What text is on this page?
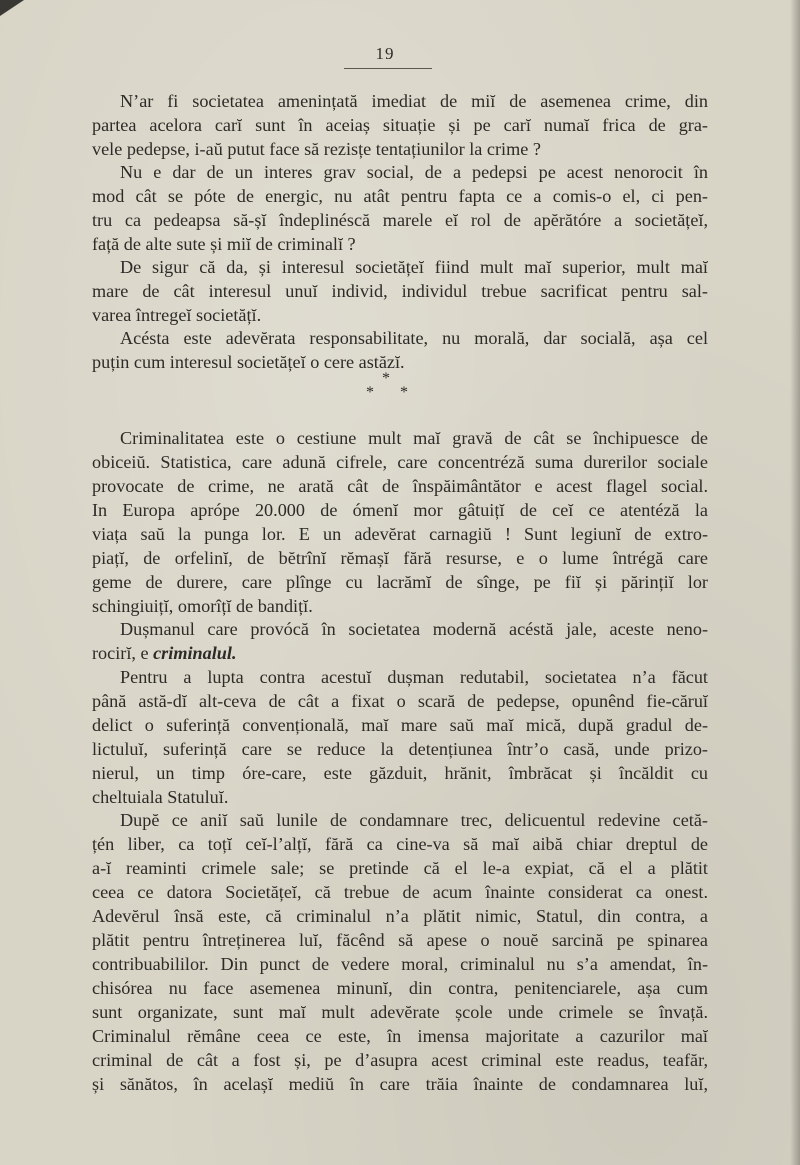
19
N’ar fi societatea amenințată imediat de miĭ de asemenea crime, din
partea acelora carĭ sunt în aceiaș situație și pe carĭ numaĭ frica de gra-
vele pedepse, i-aŭ putut face să rezisțe tentațiunilor la crime ?
Nu e dar de un interes grav social, de a pedepsi pe acest nenorocit în
mod cât se póte de energic, nu atât pentru fapta ce a comis-o el, ci pen-
tru ca pedeapsa să-șĭ îndeplinéscă marele eĭ rol de apĕrătóre a societățeĭ,
față de alte sute și miĭ de criminalĭ ?
De sigur că da, și interesul societățeĭ fiind mult maĭ superior, mult maĭ
mare de cât interesul unuĭ individ, individul trebue sacrificat pentru sal-
varea întregeĭ societățĭ.
Acésta este adevĕrata responsabilitate, nu morală, dar socială, așa cel
puțin cum interesul societățeĭ o cere astăzĭ.
*
* *
Criminalitatea este o cestiune mult maĭ gravă de cât se închipuesce de
obiceiŭ. Statistica, care adună cifrele, care concentréză suma durerilor sociale
provocate de crime, ne arată cât de înspăimântător e acest flagel social.
In Europa aprópe 20.000 de ómenĭ mor gâtuițĭ de ceĭ ce atentéză la
viața saŭ la punga lor. E un adevĕrat carnagiŭ ! Sunt legiunĭ de extro-
piațĭ, de orfelinĭ, de bĕtrînĭ rĕmașĭ fără resurse, e o lume întrégă care
geme de durere, care plînge cu lacrămĭ de sînge, pe fiĭ și părințiĭ lor
schingiuițĭ, omorîțĭ de bandițĭ.
Dușmanul care provócă în societatea modernă acéstă jale, aceste neno-
rocirĭ, e criminalul.
Pentru a lupta contra acestuĭ dușman redutabil, societatea n’a făcut
până astă-dĭ alt-ceva de cât a fixat o scară de pedepse, opunênd fie-căruĭ
delict o suferință convențională, maĭ mare saŭ maĭ mică, după gradul de-
lictuluĭ, suferință care se reduce la detențiunea într’o casă, unde prizo-
nierul, un timp óre-care, este găzduit, hrănit, îmbrăcat și încăldit cu
cheltuiala Statuluĭ.
Dupĕ ce aniĭ saŭ lunile de condamnare trec, delicuentul redevine cetă-
țén liber, ca toțĭ ceĭ-l’alțĭ, fără ca cine-va să maĭ aibă chiar dreptul de
a-ĭ reaminti crimele sale; se pretinde că el le-a expiat, că el a plătit
ceea ce datora Societățeĭ, că trebue de acum înainte considerat ca onest.
Adevĕrul însă este, că criminalul n’a plătit nimic, Statul, din contra, a
plătit pentru întreținerea luĭ, făcênd să apese o nouĕ sarcină pe spinarea
contribuabililor. Din punct de vedere moral, criminalul nu s’a amendat, în-
chisórea nu face asemenea minunĭ, din contra, penitenciarele, așa cum
sunt organizate, sunt maĭ mult adevĕrate școle unde crimele se învață.
Criminalul rĕmâne ceea ce este, în imensa majoritate a cazurilor maĭ
criminal de cât a fost și, pe d’asupra acest criminal este readus, teafăr,
și sănătos, în acelașĭ mediŭ în care trăia înainte de condamnarea luĭ,
